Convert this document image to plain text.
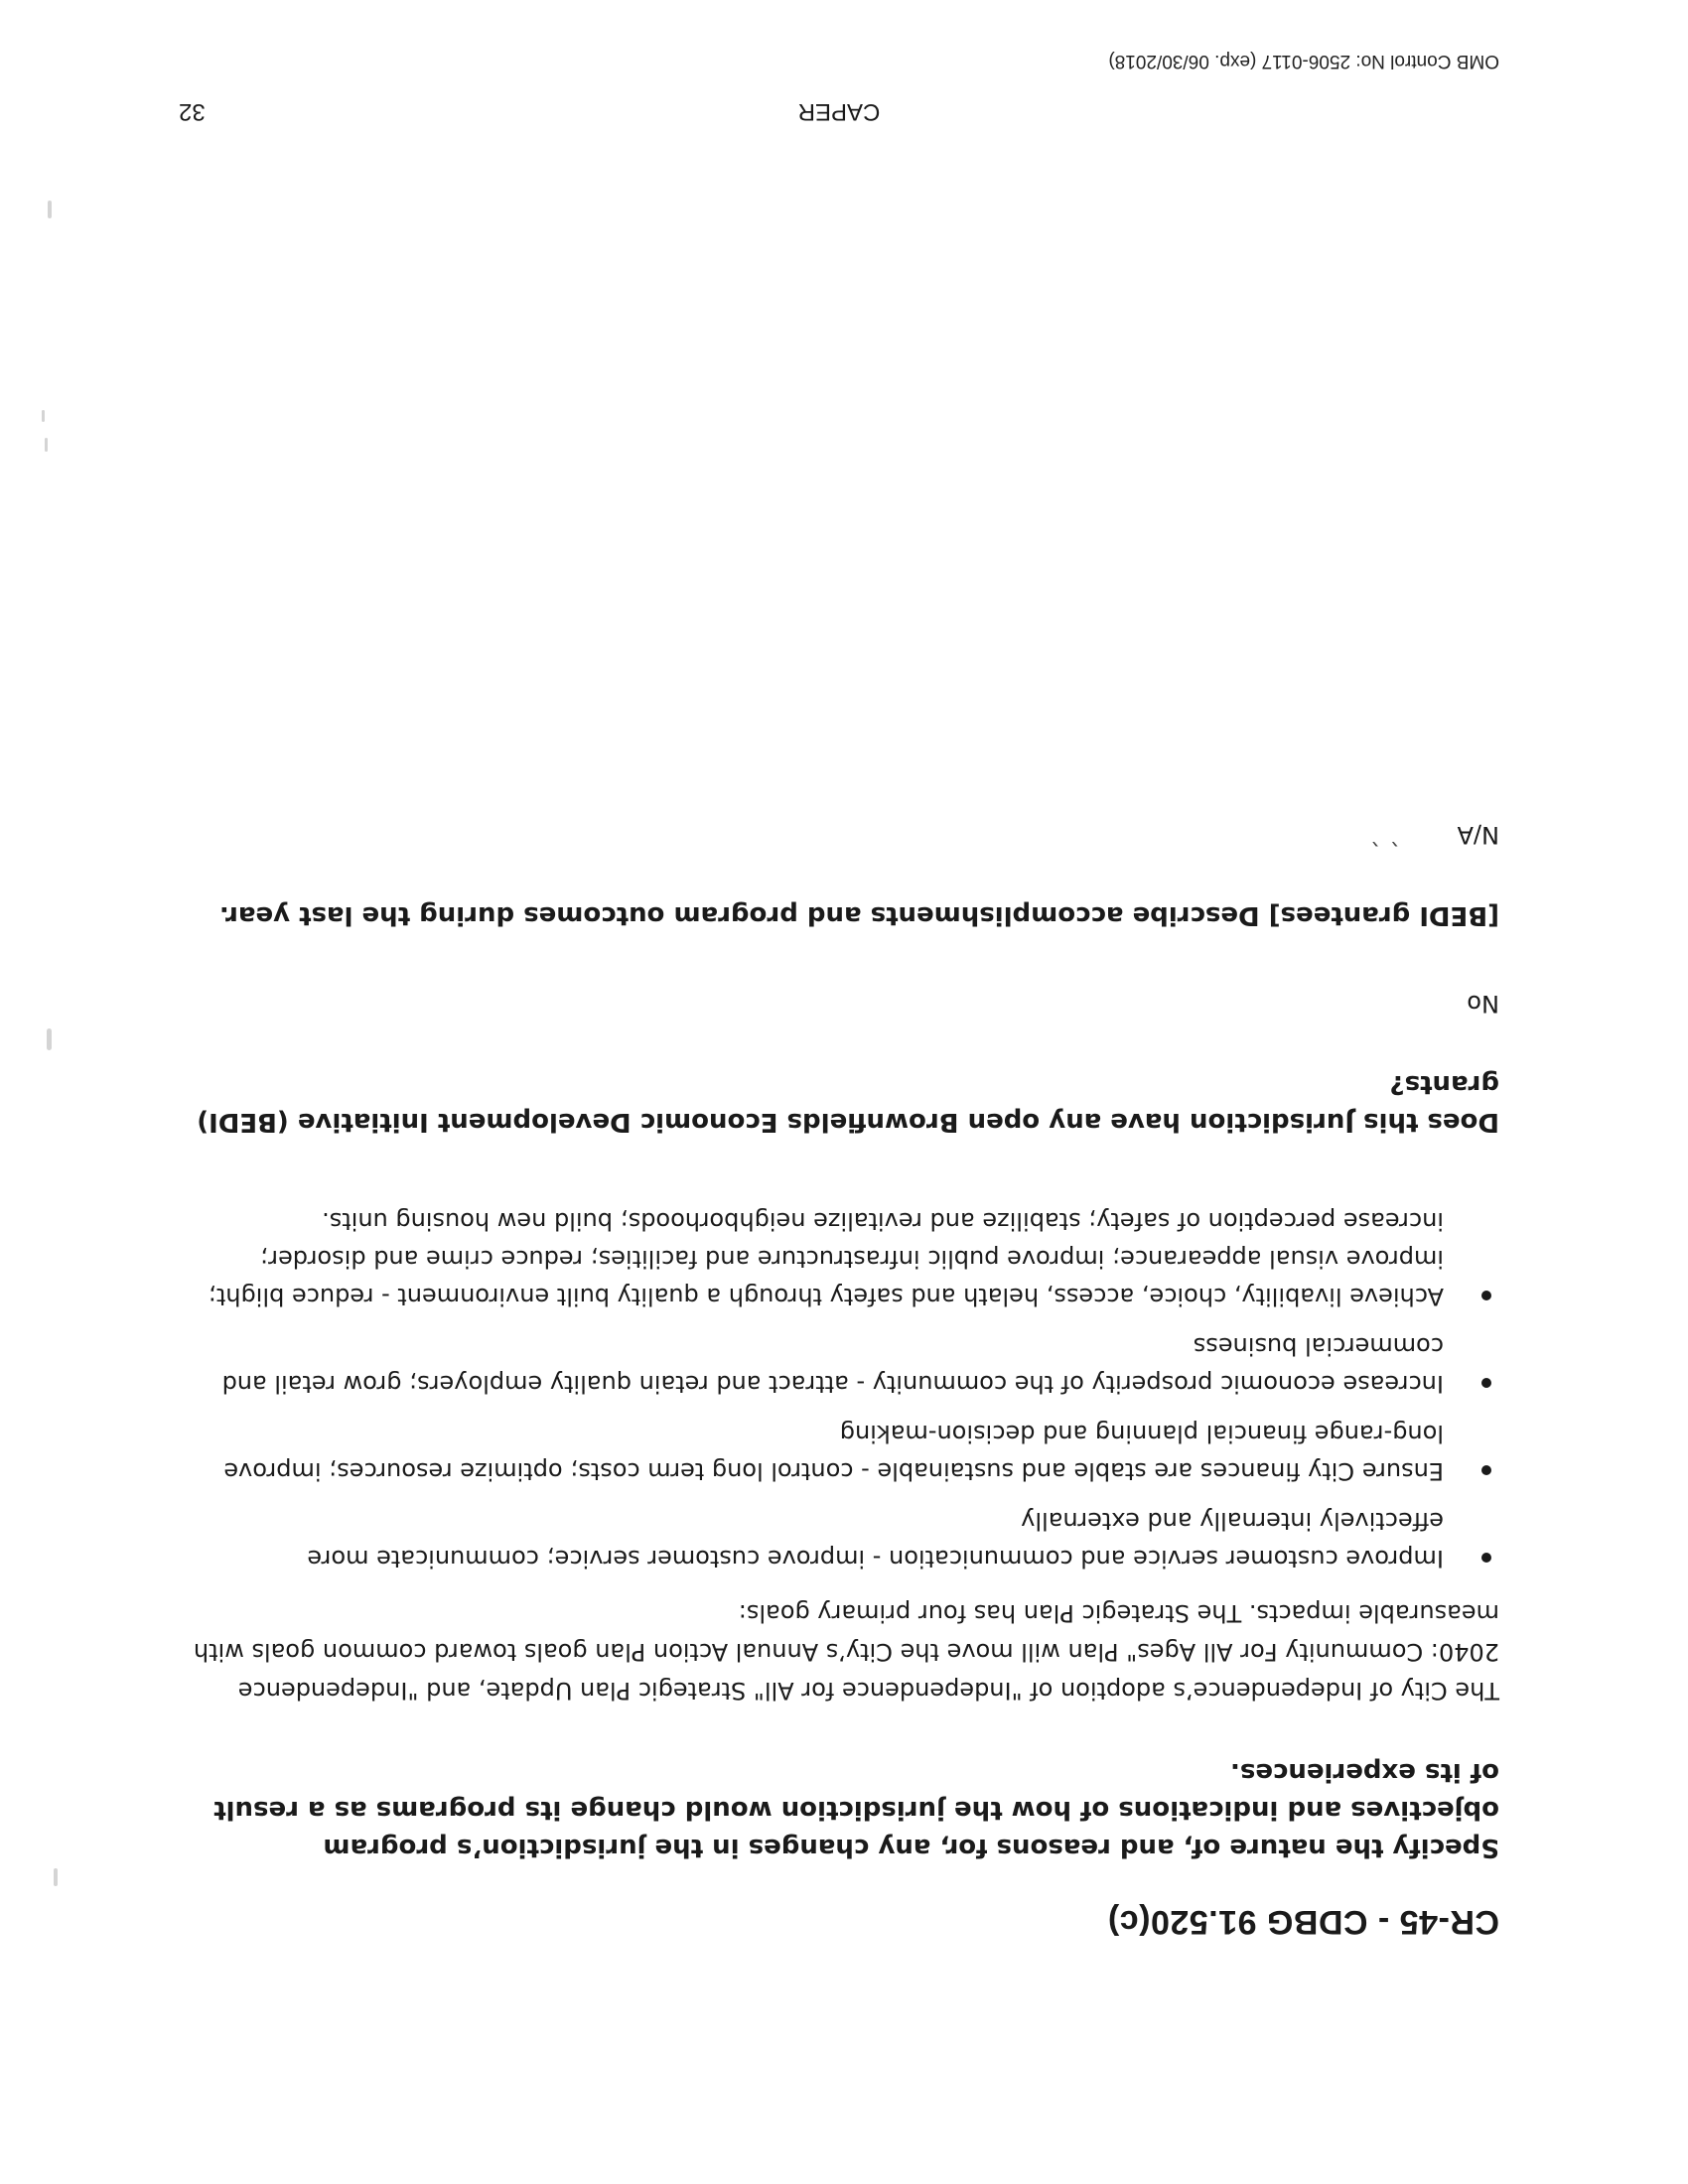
CR-45 - CDBG 91.520(c)

Specify the nature of, and reasons for, any changes in the jurisdiction’s program objectives and indications of how the jurisdiction would change its programs as a result of its experiences.

The City of Independence’s adoption of "Independence for All" Strategic Plan Update, and "Independence 2040: Community For All Ages" Plan will move the City’s Annual Action Plan goals toward common goals with measurable impacts. The Strategic Plan has four primary goals:

Improve customer service and communication - improve customer service; communicate more effectively internally and externally
Ensure City finances are stable and sustainable - control long term costs; optimize resources; improve long-range financial planning and decision-making
Increase economic prosperity of the community - attract and retain quality employers; grow retail and commercial business
Achieve livability, choice, access, helath and safety through a quality built environment - reduce blight; improve visual appearance; improve public infrastructure and facilities; reduce crime and disorder; increase perception of safety; stabilize and revitalize neighborhoods; build new housing units.

Does this Jurisdiction have any open Brownfields Economic Development Initiative (BEDI) grants?

No

[BEDI grantees] Describe accomplishments and program outcomes during the last year.

N/A` `

CAPER
32
OMB Control No: 2506-0117 (exp. 06/30/2018)
